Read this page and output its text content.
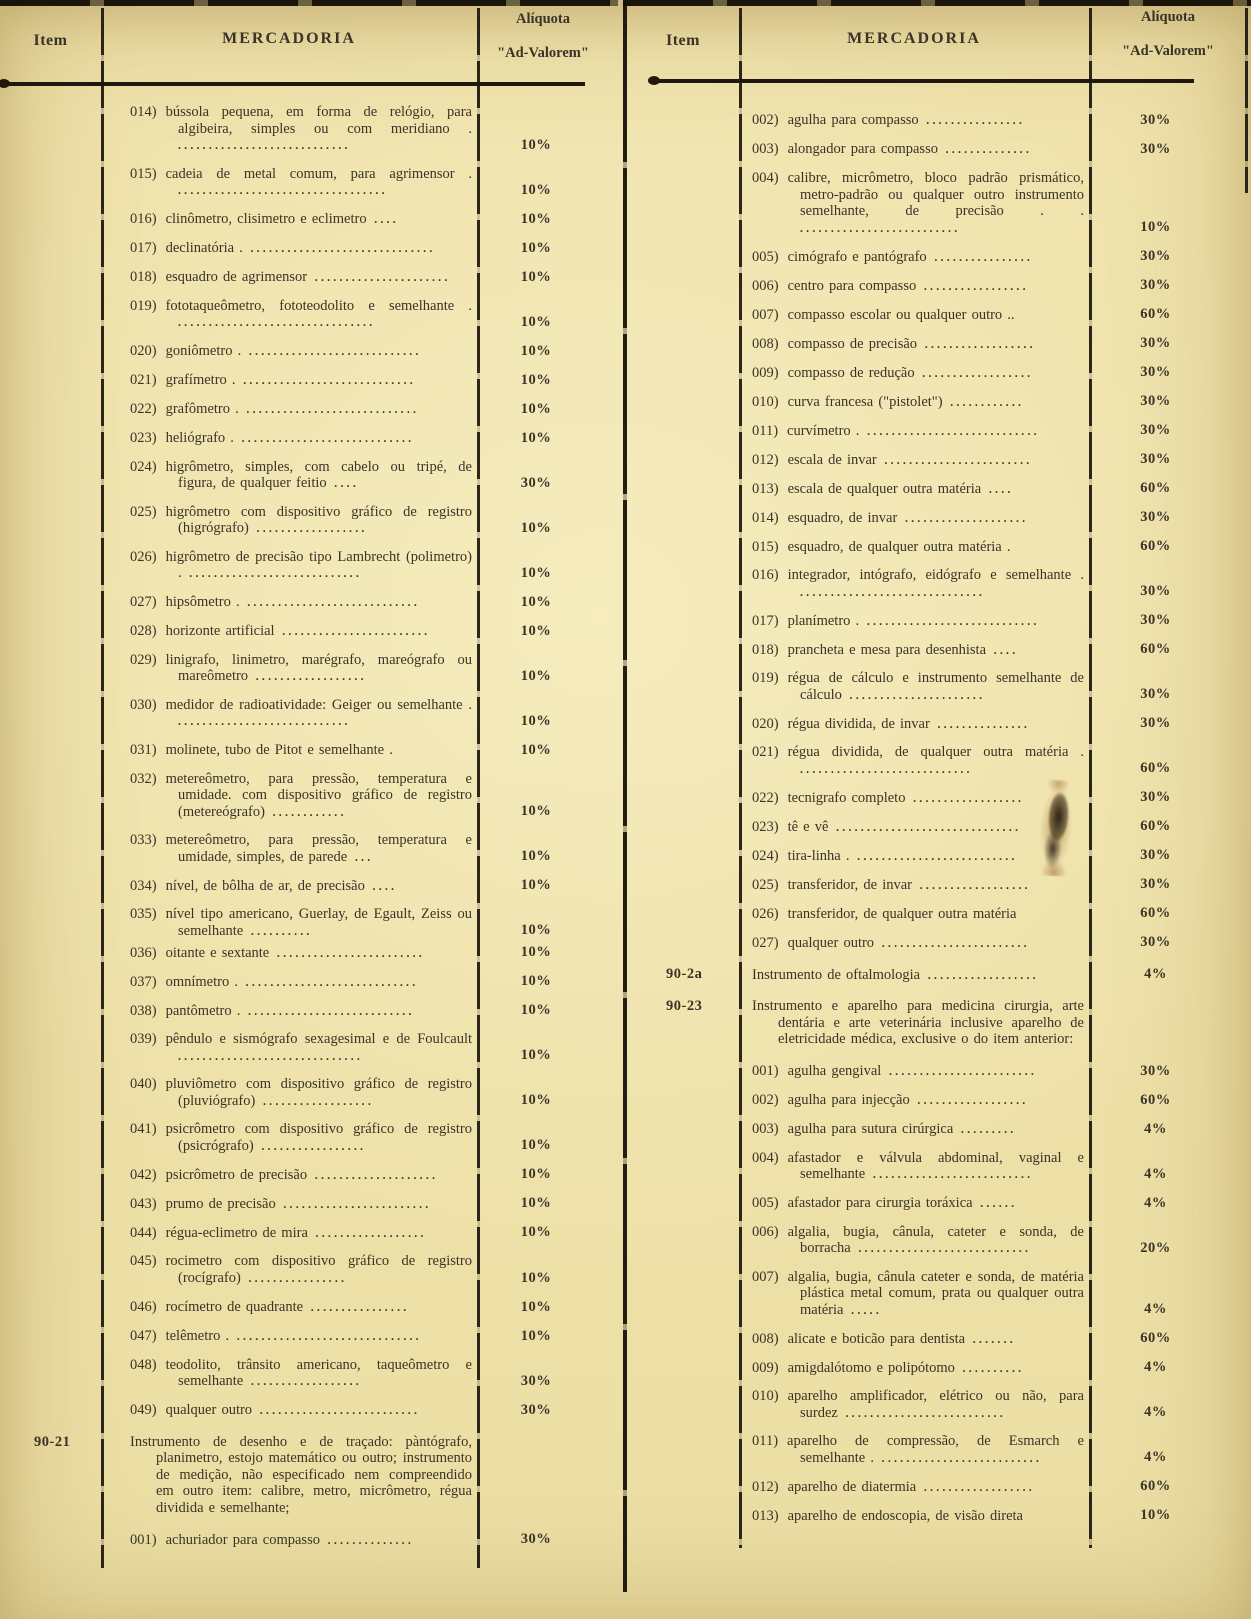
Item	MERCADORIA
Alíquota
"Ad-Valorem"
Item	MERCADORIA
Alíquota
"Ad-Valorem"

014) bússola pequena, em forma de relógio, para algibeira, simples ou com meridiano . ............................	10%

015) cadeia de metal comum, para agrimensor . ..................................	10%

016) clinômetro, clisimetro e eclimetro ....	10%

017) declinatória . ..............................	10%

018) esquadro de agrimensor ......................	10%

019) fototaqueômetro, fototeodolito e semelhante . ................................	10%

020) goniômetro . ............................	10%

021) grafímetro . ............................	10%

022) grafômetro . ............................	10%

023) heliógrafo . ............................	10%

024) higrômetro, simples, com cabelo ou tripé, de figura, de qualquer feitio ....	30%

025) higrômetro com dispositivo gráfico de registro (higrógrafo) ..................	10%

026) higrômetro de precisão tipo Lambrecht (polimetro) . ............................	10%

027) hipsômetro . ............................	10%

028) horizonte artificial ........................	10%

029) linigrafo, linimetro, marégrafo, mareógrafo ou mareômetro ..................	10%

030) medidor de radioatividade: Geiger ou semelhante . ............................	10%

031) molinete, tubo de Pitot e semelhante .	10%

032) metereômetro, para pressão, temperatura e umidade. com dispositivo gráfico de registro (metereógrafo) ............	10%

033) metereômetro, para pressão, temperatura e umidade, simples, de parede ...	10%

034) nível, de bôlha de ar, de precisão ....	10%

035) nível tipo americano, Guerlay, de Egault, Zeiss ou semelhante ..........	10%

036) oitante e sextante ........................	10%

037) omnímetro . ............................	10%

038) pantômetro . ...........................	10%

039) pêndulo e sismógrafo sexagesimal e de Foulcault ..............................	10%

040) pluviômetro com dispositivo gráfico de registro (pluviógrafo) ..................	10%

041) psicrômetro com dispositivo gráfico de registro (psicrógrafo) .................	10%

042) psicrômetro de precisão ....................	10%

043) prumo de precisão ........................	10%

044) régua-eclimetro de mira ..................	10%

045) rocimetro com dispositivo gráfico de registro (rocígrafo) ................	10%

046) rocímetro de quadrante ................	10%

047) telêmetro . ..............................	10%

048) teodolito, trânsito americano, taqueômetro e semelhante ..................	30%

049) qualquer outro ..........................	30%
90-21	Instrumento de desenho e de traçado: pàntógrafo, planimetro, estojo matemático ou outro; instrumento de medição, não especificado nem compreendido em outro item: calibre, metro, micrômetro, régua dividida e semelhante;

001) achuriador para compasso ..............	30%

002) agulha para compasso ................	30%

003) alongador para compasso ..............	30%

004) calibre, micrômetro, bloco padrão prismático, metro-padrão ou qualquer outro instrumento semelhante, de precisão . . ..........................	10%

005) cimógrafo e pantógrafo ................	30%

006) centro para compasso .................	30%

007) compasso escolar ou qualquer outro ..	60%

008) compasso de precisão ..................	30%

009) compasso de redução ..................	30%

010) curva francesa ("pistolet") ............	30%

011) curvímetro . ............................	30%

012) escala de invar ........................	30%

013) escala de qualquer outra matéria ....	60%

014) esquadro, de invar ....................	30%

015) esquadro, de qualquer outra matéria .	60%

016) integrador, intógrafo, eidógrafo e semelhante . ..............................	30%

017) planímetro . ............................	30%

018) prancheta e mesa para desenhista ....	60%

019) régua de cálculo e instrumento semelhante de cálculo ......................	30%

020) régua dividida, de invar ...............	30%

021) régua dividida, de qualquer outra matéria . ............................	60%

022) tecnigrafo completo ..................	30%

023) tê e vê ..............................	60%

024) tira-linha . ..........................	30%

025) transferidor, de invar ..................	30%

026) transferidor, de qualquer outra matéria	60%

027) qualquer outro ........................	30%
90-2a	Instrumento de oftalmologia ..................	4%
90-23	Instrumento e aparelho para medicina cirurgia, arte dentária e arte veterinária inclusive aparelho de eletricidade médica, exclusive o do item anterior:

001) agulha gengival ........................	30%

002) agulha para injecção ..................	60%

003) agulha para sutura cirúrgica .........	4%

004) afastador e válvula abdominal, vaginal e semelhante ..........................	4%

005) afastador para cirurgia toráxica ......	4%

006) algalia, bugia, cânula, cateter e sonda, de borracha ............................	20%

007) algalia, bugia, cânula cateter e sonda, de matéria plástica metal comum, prata ou qualquer outra matéria .....	4%

008) alicate e boticão para dentista .......	60%

009) amigdalótomo e polipótomo ..........	4%

010) aparelho amplificador, elétrico ou não, para surdez ..........................	4%

011) aparelho de compressão, de Esmarch e semelhante . ..........................	4%

012) aparelho de diatermia ..................	60%

013) aparelho de endoscopia, de visão direta	10%
